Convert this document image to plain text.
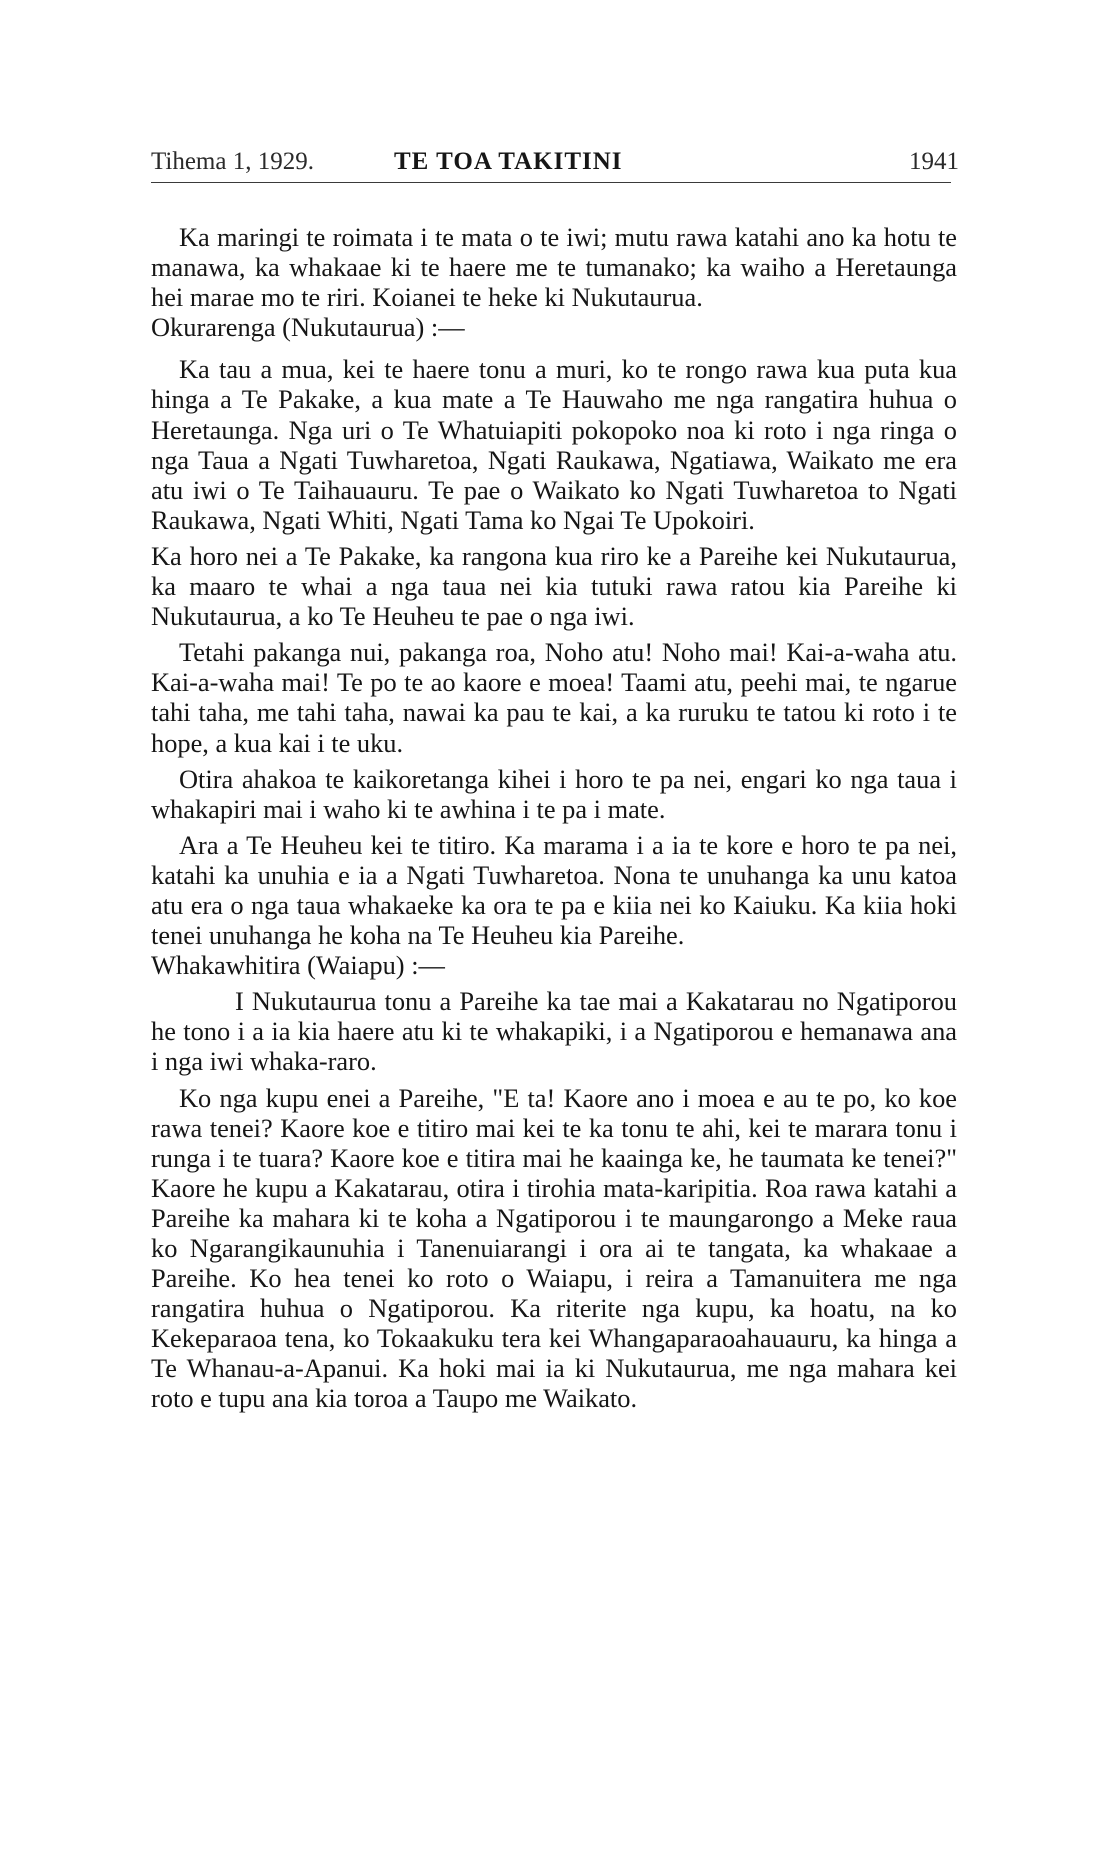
Tihema 1, 1929.	TE TOA TAKITINI	1941

Ka maringi te roimata i te mata o te iwi; mutu rawa katahi ano ka hotu te manawa, ka whakaae ki te haere me te tumanako; ka waiho a Heretaunga hei marae mo te riri. Koianei te heke ki Nukutaurua.

Okurarenga (Nukutaurua) :—

Ka tau a mua, kei te haere tonu a muri, ko te rongo rawa kua puta kua hinga a Te Pakake, a kua mate a Te Hauwaho me nga rangatira huhua o Heretaunga. Nga uri o Te Whatuiapiti pokopoko noa ki roto i nga ringa o nga Taua a Ngati Tuwharetoa, Ngati Raukawa, Ngatiawa, Waikato me era atu iwi o Te Taihauauru. Te pae o Waikato ko Ngati Tuwharetoa to Ngati Raukawa, Ngati Whiti, Ngati Tama ko Ngai Te Upokoiri.

Ka horo nei a Te Pakake, ka rangona kua riro ke a Pareihe kei Nukutaurua, ka maaro te whai a nga taua nei kia tutuki rawa ratou kia Pareihe ki Nukutaurua, a ko Te Heuheu te pae o nga iwi.

Tetahi pakanga nui, pakanga roa, Noho atu! Noho mai! Kai-a-waha atu. Kai-a-waha mai! Te po te ao kaore e moea! Taami atu, peehi mai, te ngarue tahi taha, me tahi taha, nawai ka pau te kai, a ka ruruku te tatou ki roto i te hope, a kua kai i te uku.

Otira ahakoa te kaikoretanga kihei i horo te pa nei, engari ko nga taua i whakapiri mai i waho ki te awhina i te pa i mate.

Ara a Te Heuheu kei te titiro. Ka marama i a ia te kore e horo te pa nei, katahi ka unuhia e ia a Ngati Tuwharetoa. Nona te unuhanga ka unu katoa atu era o nga taua whakaeke ka ora te pa e kiia nei ko Kaiuku. Ka kiia hoki tenei unuhanga he koha na Te Heuheu kia Pareihe.

Whakawhitira (Waiapu) :—

I Nukutaurua tonu a Pareihe ka tae mai a Kakatarau no Ngatiporou he tono i a ia kia haere atu ki te whakapiki, i a Ngatiporou e hemanawa ana i nga iwi whaka-raro.

Ko nga kupu enei a Pareihe, "E ta! Kaore ano i moea e au te po, ko koe rawa tenei? Kaore koe e titiro mai kei te ka tonu te ahi, kei te marara tonu i runga i te tuara? Kaore koe e titira mai he kaainga ke, he taumata ke tenei?" Kaore he kupu a Kakatarau, otira i tirohia mata-karipitia. Roa rawa katahi a Pareihe ka mahara ki te koha a Ngatiporou i te maungarongo a Meke raua ko Ngarangikaunuhia i Tanenuiarangi i ora ai te tangata, ka whakaae a Pareihe. Ko hea tenei ko roto o Waiapu, i reira a Tamanuitera me nga rangatira huhua o Ngatiporou. Ka riterite nga kupu, ka hoatu, na ko Kekeparaoa tena, ko Tokaakuku tera kei Whangaparaoahauauru, ka hinga a Te Whanau-a-Apanui. Ka hoki mai ia ki Nukutaurua, me nga mahara kei roto e tupu ana kia toroa a Taupo me Waikato.
